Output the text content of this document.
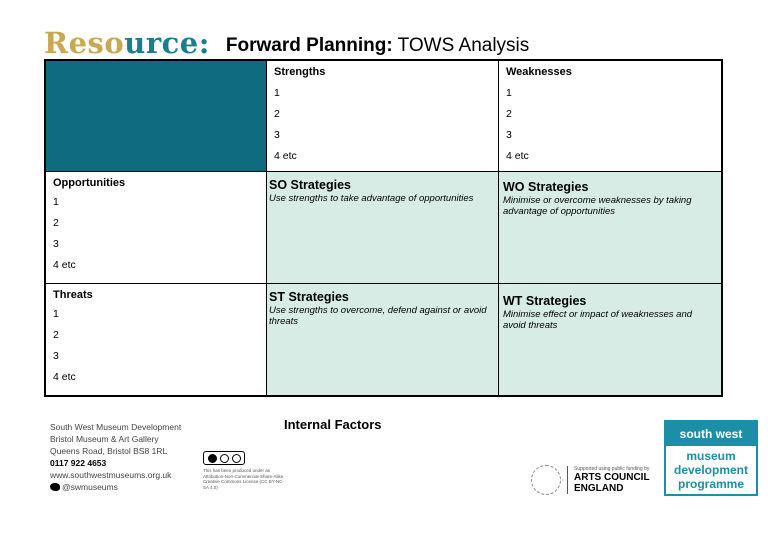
Resource: Forward Planning: TOWS Analysis
Strengths
1
2
3
4 etc
Weaknesses
1
2
3
4 etc
Opportunities
1
2
3
4 etc
SO Strategies
Use strengths to take advantage of opportunities
WO Strategies
Minimise or overcome weaknesses by taking advantage of opportunities
Threats
1
2
3
4 etc
ST Strategies
Use strengths to overcome, defend against or avoid threats
WT Strategies
Minimise effect or impact of weaknesses and avoid threats
Internal Factors
South West Museum Development
Bristol Museum & Art Gallery
Queens Road, Bristol BS8 1RL
0117 922 4653
www.southwestmuseums.org.uk
@swmuseums
This has been produced under an Attribution-Non-Commercial-Share-Alike Creative Commons License (CC BY-NC-SA 4.0)
Supported using public funding by
ARTS COUNCIL
ENGLAND
south west
museum
development
programme
